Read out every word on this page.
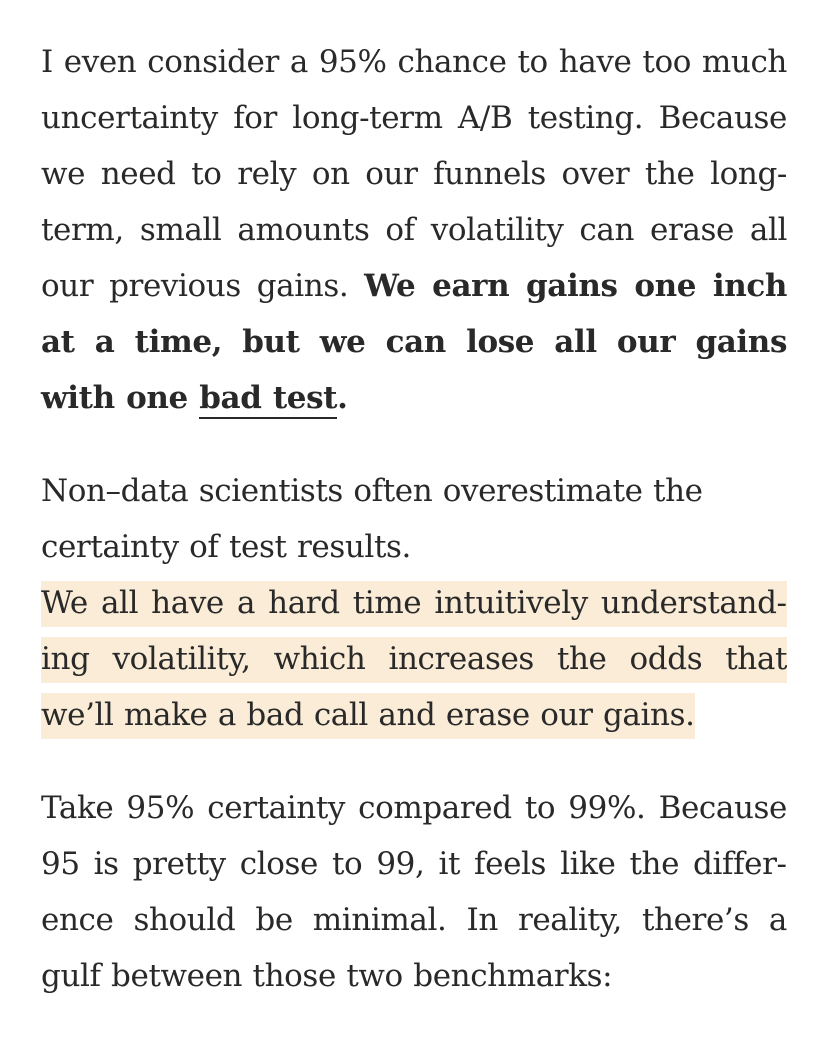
I even consider a 95% chance to have too much uncertainty for long-term A/B testing. Because we need to rely on our funnels over the long-term, small amounts of volatility can erase all our previous gains. We earn gains one inch at a time, but we can lose all our gains with one bad test.

Non–data scientists often overestimate the certainty of test results.
We all have a hard time intuitively understanding volatility, which increases the odds that we’ll make a bad call and erase our gains.

Take 95% certainty compared to 99%. Because 95 is pretty close to 99, it feels like the difference should be minimal. In reality, there’s a gulf between those two benchmarks:
